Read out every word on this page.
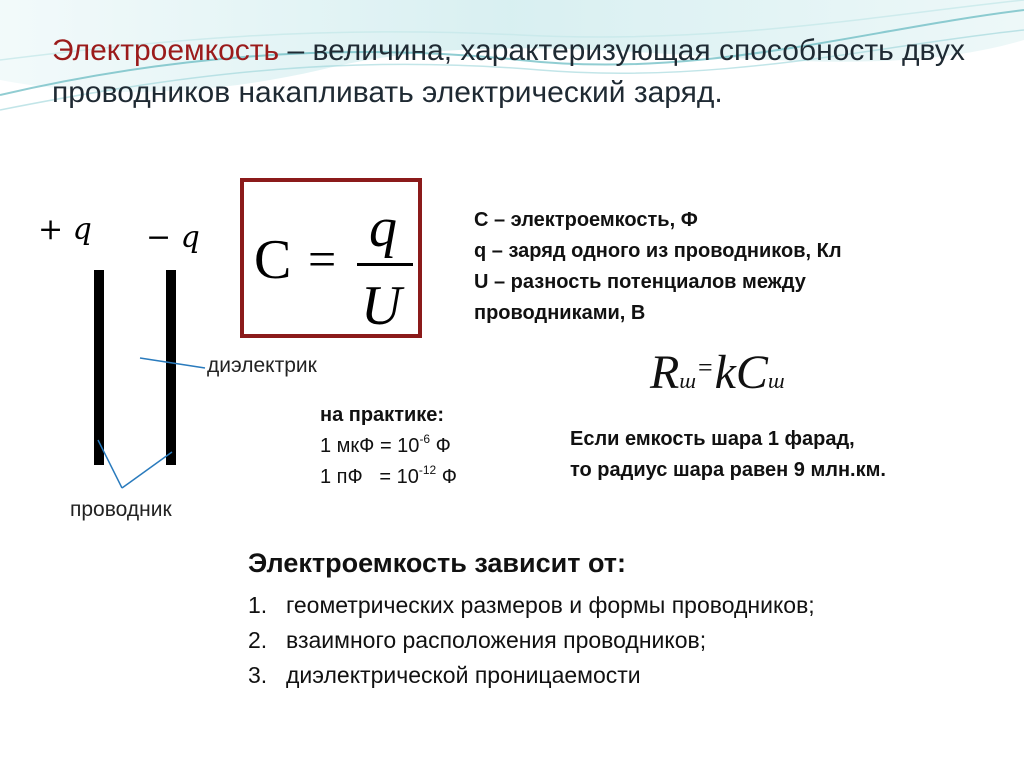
Электроемкость – величина, характеризующая способность двух проводников накапливать электрический заряд.
+ q − q
диэлектрик
проводник
C = q
U
С – электроемкость, Ф
q – заряд одного из проводников, Кл
U – разность потенциалов между
проводниками, В
Rш=kCш
на практике:
1 мкФ = $10^{-6}$ Ф
1 пФ   = $10^{-12}$ Ф
Если емкость шара 1 фарад,
то радиус шара равен 9 млн.км.
Электроемкость зависит от:
1. геометрических размеров и формы проводников;
2. взаимного расположения проводников;
3. диэлектрической проницаемости
